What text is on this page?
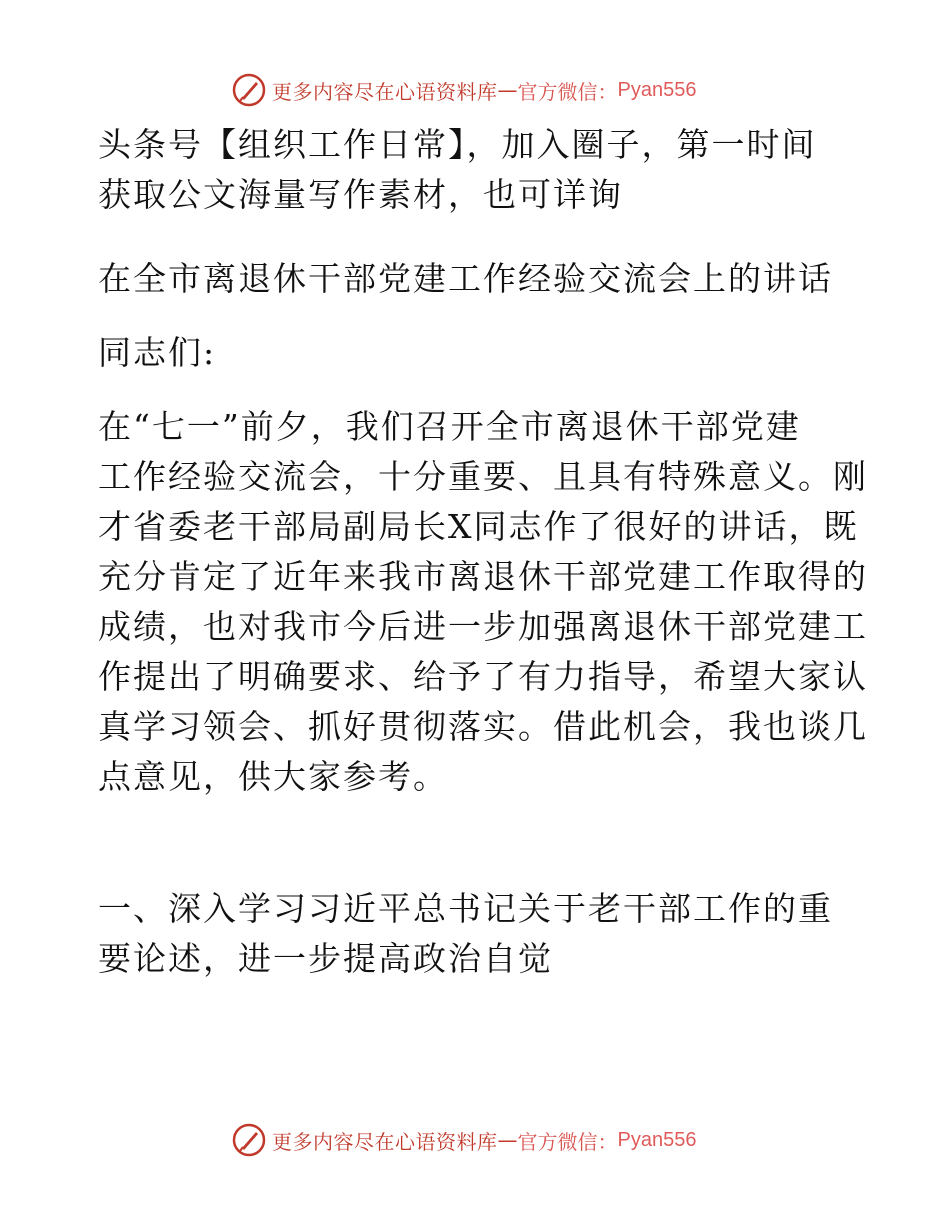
更多内容尽在心语资料库 — 官方微信： Pyan556
头条号【组织工作日常】，加入圈子，第一时间
获取公文海量写作素材，也可详询
在全市离退休干部党建工作经验交流会上的讲话
同志们:
在“七一”前夕，我们召开全市离退休干部党建
工作经验交流会，十分重要、且具有特殊意义。刚
才省委老干部局副局长X同志作了很好的讲话，既
充分肯定了近年来我市离退休干部党建工作取得的
成绩，也对我市今后进一步加强离退休干部党建工
作提出了明确要求、给予了有力指导，希望大家认
真学习领会、抓好贯彻落实。借此机会，我也谈几
点意见，供大家参考。
一、深入学习习近平总书记关于老干部工作的重
要论述，进一步提高政治自觉
更多内容尽在心语资料库 — 官方微信： Pyan556
